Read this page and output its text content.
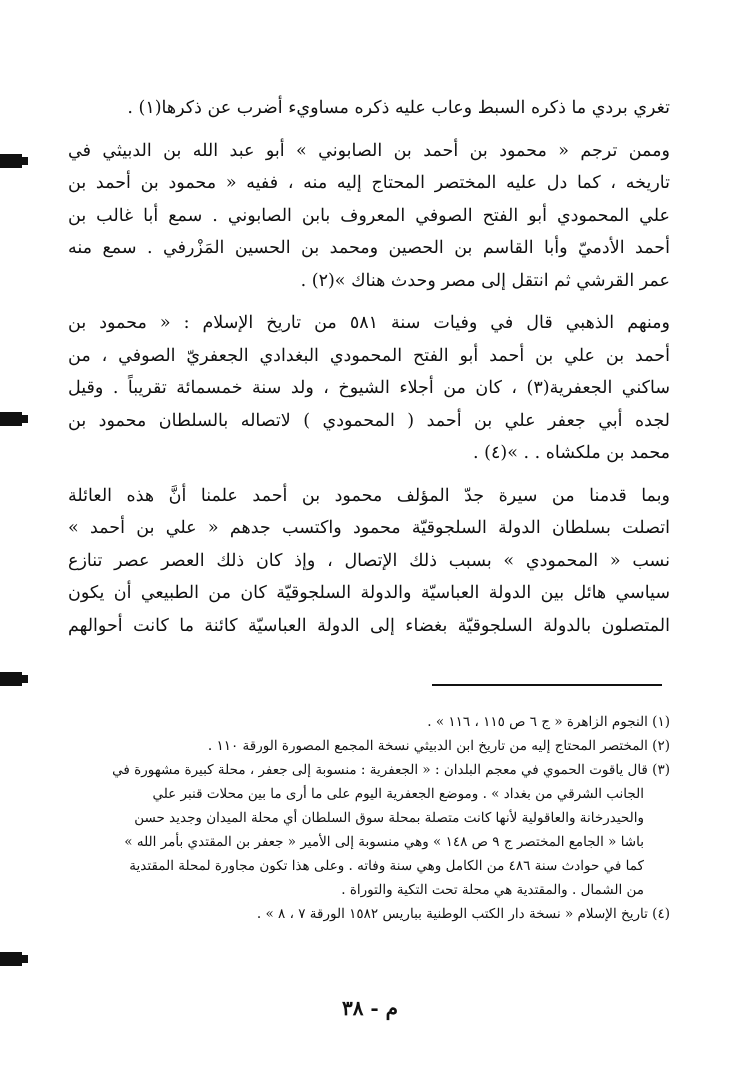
تغري بردي ما ذكره السبط وعاب عليه ذكره مساويء أضرب عن ذكرها(١) .

وممن ترجم « محمود بن أحمد بن الصابوني » أبو عبد الله بن الدبيثي في
تاريخه ، كما دل عليه المختصر المحتاج إليه منه ، ففيه « محمود بن أحمد بن
علي المحمودي أبو الفتح الصوفي المعروف بابن الصابوني . سمع أبا غالب بن
أحمد الأدميّ وأبا القاسم بن الحصين ومحمد بن الحسين المَزْرفي . سمع منه
عمر القرشي ثم انتقل إلى مصر وحدث هناك »(٢) .

ومنهم الذهبي قال في وفيات سنة ٥٨١ من تاريخ الإسلام : « محمود بن
أحمد بن علي بن أحمد أبو الفتح المحمودي البغدادي الجعفريّ الصوفي ، من
ساكني الجعفرية(٣) ، كان من أجلاء الشيوخ ، ولد سنة خمسمائة تقريباً . وقيل
لجده أبي جعفر علي بن أحمد ( المحمودي ) لاتصاله بالسلطان محمود بن
محمد بن ملكشاه . . »(٤) .

وبما قدمنا من سيرة جدّ المؤلف محمود بن أحمد علمنا أنَّ هذه العائلة
اتصلت بسلطان الدولة السلجوقيّة محمود واكتسب جدهم « علي بن أحمد »
نسب « المحمودي » بسبب ذلك الإتصال ، وإذ كان ذلك العصر عصر تنازع
سياسي هائل بين الدولة العباسيّة والدولة السلجوقيّة كان من الطبيعي أن يكون
المتصلون بالدولة السلجوقيّة بغضاء إلى الدولة العباسيّة كائنة ما كانت أحوالهم

(١) النجوم الزاهرة « ج ٦ ص ١١٥ ، ١١٦ » .
(٢) المختصر المحتاج إليه من تاريخ ابن الدبيثي نسخة المجمع المصورة الورقة ١١٠ .
(٣) قال ياقوت الحموي في معجم البلدان : « الجعفرية : منسوبة إلى جعفر ، محلة كبيرة مشهورة في
الجانب الشرقي من بغداد » . وموضع الجعفرية اليوم على ما أرى ما بين محلات قنبر علي
والحيدرخانة والعاقولية لأنها كانت متصلة بمحلة سوق السلطان أي محلة الميدان وجديد حسن
باشا « الجامع المختصر ج ٩ ص ١٤٨ » وهي منسوبة إلى الأمير « جعفر بن المقتدي بأمر الله »
كما في حوادث سنة ٤٨٦ من الكامل وهي سنة وفاته . وعلى هذا تكون مجاورة لمحلة المقتدية
من الشمال . والمقتدية هي محلة تحت التكية والتوراة .
(٤) تاريخ الإسلام « نسخة دار الكتب الوطنية بباريس ١٥٨٢ الورقة ٧ ، ٨ » .
م - ٣٨
